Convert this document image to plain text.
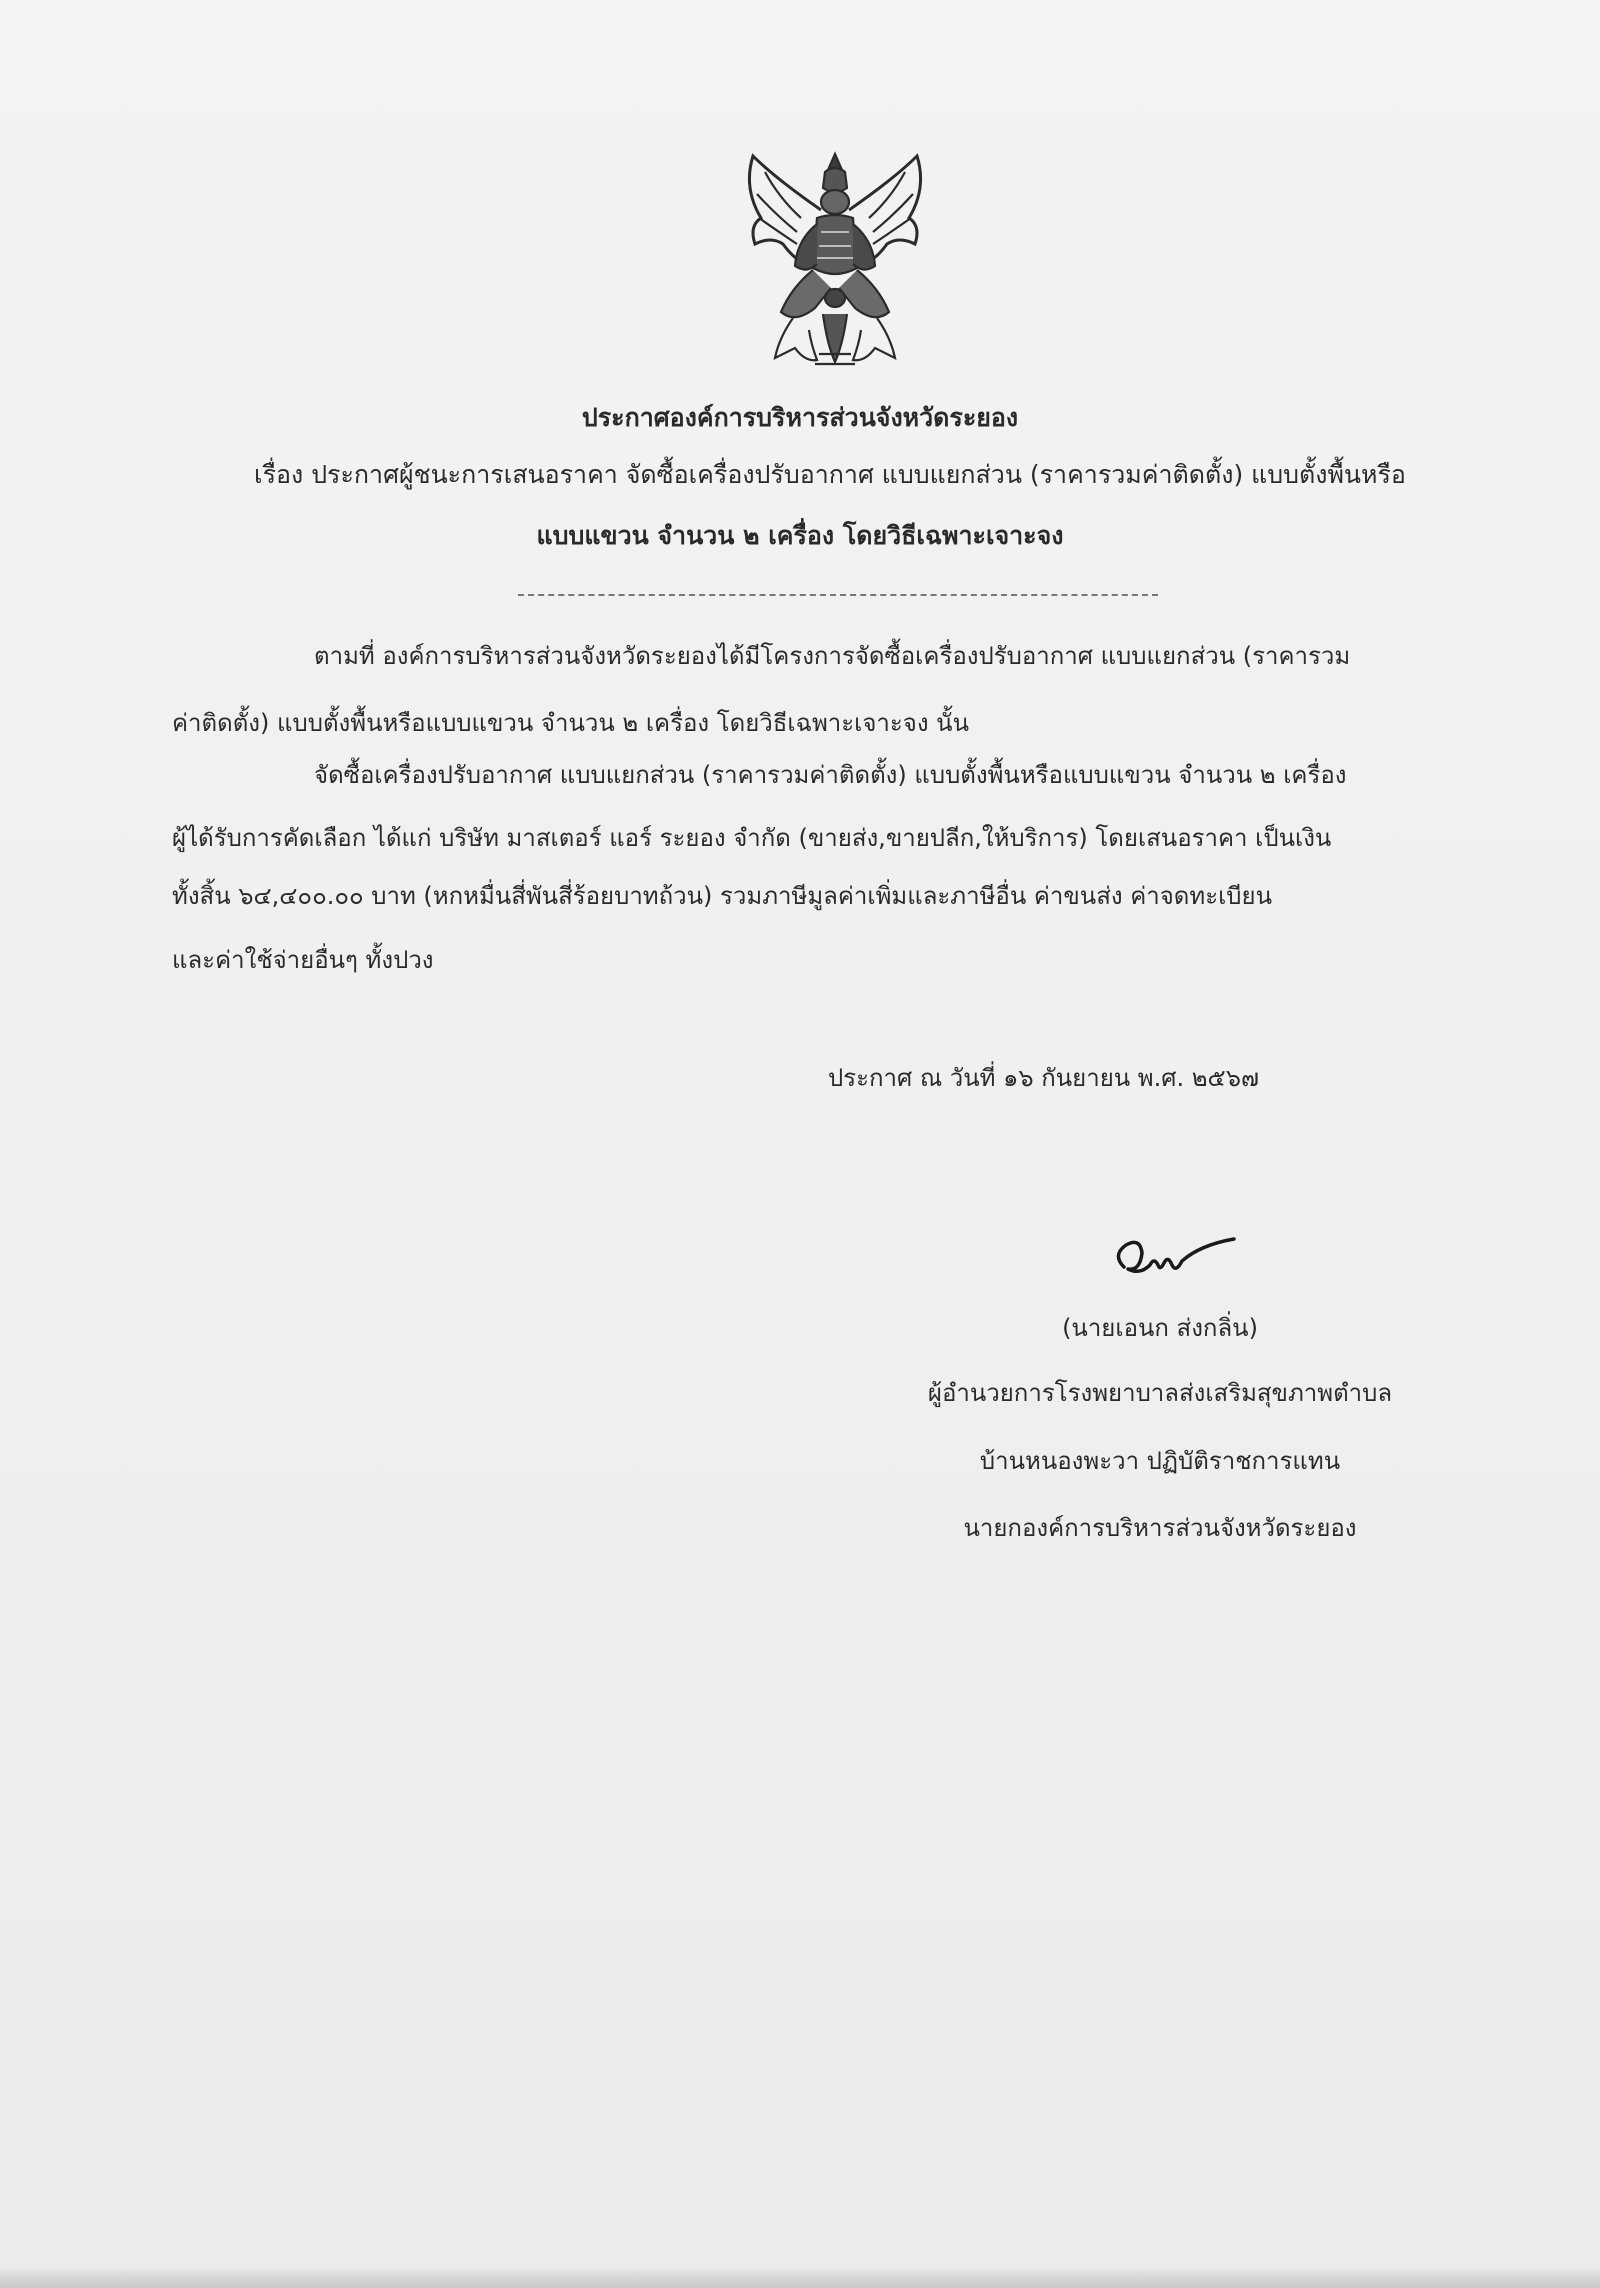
ประกาศองค์การบริหารส่วนจังหวัดระยอง
เรื่อง ประกาศผู้ชนะการเสนอราคา จัดซื้อเครื่องปรับอากาศ แบบแยกส่วน (ราคารวมค่าติดตั้ง) แบบตั้งพื้นหรือ
แบบแขวน จำนวน ๒ เครื่อง โดยวิธีเฉพาะเจาะจง
ตามที่ องค์การบริหารส่วนจังหวัดระยองได้มีโครงการจัดซื้อเครื่องปรับอากาศ แบบแยกส่วน (ราคารวม
ค่าติดตั้ง) แบบตั้งพื้นหรือแบบแขวน จำนวน ๒ เครื่อง โดยวิธีเฉพาะเจาะจง นั้น
จัดซื้อเครื่องปรับอากาศ แบบแยกส่วน (ราคารวมค่าติดตั้ง) แบบตั้งพื้นหรือแบบแขวน จำนวน ๒ เครื่อง
ผู้ได้รับการคัดเลือก ได้แก่ บริษัท มาสเตอร์ แอร์ ระยอง จำกัด (ขายส่ง,ขายปลีก,ให้บริการ) โดยเสนอราคา เป็นเงิน
ทั้งสิ้น ๖๔,๔๐๐.๐๐ บาท (หกหมื่นสี่พันสี่ร้อยบาทถ้วน) รวมภาษีมูลค่าเพิ่มและภาษีอื่น ค่าขนส่ง ค่าจดทะเบียน
และค่าใช้จ่ายอื่นๆ ทั้งปวง
ประกาศ ณ วันที่ ๑๖ กันยายน พ.ศ. ๒๕๖๗
(นายเอนก ส่งกลิ่น)
ผู้อำนวยการโรงพยาบาลส่งเสริมสุขภาพตำบล
บ้านหนองพะวา ปฏิบัติราชการแทน
นายกองค์การบริหารส่วนจังหวัดระยอง
